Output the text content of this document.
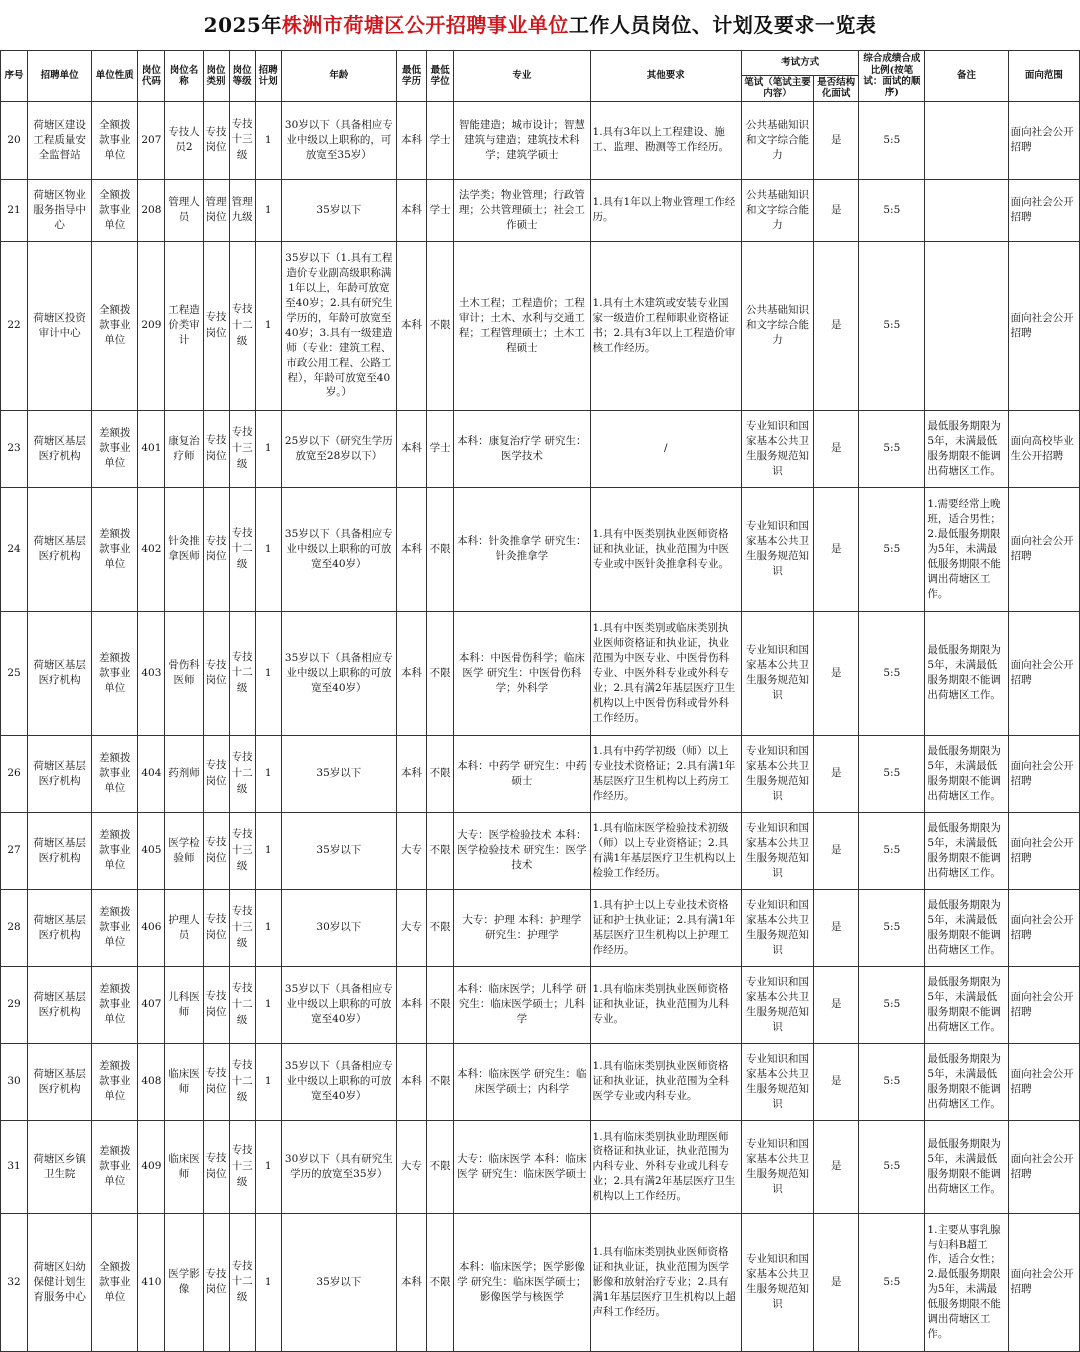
2025年株洲市荷塘区公开招聘事业单位工作人员岗位、计划及要求一览表
序号	招聘单位	单位性质	岗位代码	岗位名称	岗位类别	岗位等级	招聘计划	年龄	最低学历	最低学位	专业	其他要求	考试方式		综合成绩合成比例(按笔试：面试的顺序)	备注	面向范围
													笔试（笔试主要内容）	是否结构化面试			
20	荷塘区建设工程质量安全监督站	全额拨款事业单位	207	专技人员2	专技岗位	专技十三级	1	30岁以下（具备相应专业中级以上职称的，可放宽至35岁）	本科	学士	智能建造；城市设计；智慧建筑与建造；建筑技术科学；建筑学硕士	1.具有3年以上工程建设、施工、监理、勘测等工作经历。	公共基础知识和文字综合能力	是	5:5		面向社会公开招聘
21	荷塘区物业服务指导中心	全额拨款事业单位	208	管理人员	管理岗位	管理九级	1	35岁以下	本科	学士	法学类；物业管理；行政管理；公共管理硕士；社会工作硕士	1.具有1年以上物业管理工作经历。	公共基础知识和文字综合能力	是	5:5		面向社会公开招聘
22	荷塘区投资审计中心	全额拨款事业单位	209	工程造价类审计	专技岗位	专技十二级	1	35岁以下（1.具有工程造价专业副高级职称满1年以上，年龄可放宽至40岁；2.具有研究生学历的，年龄可放宽至40岁；3.具有一级建造师（专业：建筑工程、市政公用工程、公路工程），年龄可放宽至40岁。）	本科	不限	土木工程；工程造价；工程审计；土木、水利与交通工程；工程管理硕士；土木工程硕士	1.具有土木建筑或安装专业国家一级造价工程师职业资格证书；2.具有3年以上工程造价审核工作经历。	公共基础知识和文字综合能力	是	5:5		面向社会公开招聘
23	荷塘区基层医疗机构	差额拨款事业单位	401	康复治疗师	专技岗位	专技十三级	1	25岁以下（研究生学历放宽至28岁以下）	本科	学士	本科：康复治疗学 研究生：医学技术	/	专业知识和国家基本公共卫生服务规范知识	是	5:5	最低服务期限为5年，未满最低服务期限不能调出荷塘区工作。	面向高校毕业生公开招聘
24	荷塘区基层医疗机构	差额拨款事业单位	402	针灸推拿医师	专技岗位	专技十二级	1	35岁以下（具备相应专业中级以上职称的可放宽至40岁）	本科	不限	本科：针灸推拿学 研究生：针灸推拿学	1.具有中医类别执业医师资格证和执业证，执业范围为中医专业或中医针灸推拿科专业。	专业知识和国家基本公共卫生服务规范知识	是	5:5	1.需要经常上晚班，适合男性；2.最低服务期限为5年，未满最低服务期限不能调出荷塘区工作。	面向社会公开招聘
25	荷塘区基层医疗机构	差额拨款事业单位	403	骨伤科医师	专技岗位	专技十二级	1	35岁以下（具备相应专业中级以上职称的可放宽至40岁）	本科	不限	本科：中医骨伤科学；临床医学 研究生：中医骨伤科学；外科学	1.具有中医类别或临床类别执业医师资格证和执业证，执业范围为中医专业、中医骨伤科专业、中医外科专业或外科专业；2.具有满2年基层医疗卫生机构以上中医骨伤科或骨外科工作经历。	专业知识和国家基本公共卫生服务规范知识	是	5:5	最低服务期限为5年，未满最低服务期限不能调出荷塘区工作。	面向社会公开招聘
26	荷塘区基层医疗机构	差额拨款事业单位	404	药剂师	专技岗位	专技十二级	1	35岁以下	本科	不限	本科：中药学 研究生：中药硕士	1.具有中药学初级（师）以上专业技术资格证；2.具有满1年基层医疗卫生机构以上药房工作经历。	专业知识和国家基本公共卫生服务规范知识	是	5:5	最低服务期限为5年，未满最低服务期限不能调出荷塘区工作。	面向社会公开招聘
27	荷塘区基层医疗机构	差额拨款事业单位	405	医学检验师	专技岗位	专技十三级	1	35岁以下	大专	不限	大专：医学检验技术 本科：医学检验技术 研究生：医学技术	1.具有临床医学检验技术初级（师）以上专业资格证；2.具有满1年基层医疗卫生机构以上检验工作经历。	专业知识和国家基本公共卫生服务规范知识	是	5:5	最低服务期限为5年，未满最低服务期限不能调出荷塘区工作。	面向社会公开招聘
28	荷塘区基层医疗机构	差额拨款事业单位	406	护理人员	专技岗位	专技十三级	1	30岁以下	大专	不限	大专：护理 本科：护理学 研究生：护理学	1.具有护士以上专业技术资格证和护士执业证；2.具有满1年基层医疗卫生机构以上护理工作经历。	专业知识和国家基本公共卫生服务规范知识	是	5:5	最低服务期限为5年，未满最低服务期限不能调出荷塘区工作。	面向社会公开招聘
29	荷塘区基层医疗机构	差额拨款事业单位	407	儿科医师	专技岗位	专技十二级	1	35岁以下（具备相应专业中级以上职称的可放宽至40岁）	本科	不限	本科：临床医学；儿科学 研究生：临床医学硕士；儿科学	1.具有临床类别执业医师资格证和执业证，执业范围为儿科专业。	专业知识和国家基本公共卫生服务规范知识	是	5:5	最低服务期限为5年，未满最低服务期限不能调出荷塘区工作。	面向社会公开招聘
30	荷塘区基层医疗机构	差额拨款事业单位	408	临床医师	专技岗位	专技十二级	1	35岁以下（具备相应专业中级以上职称的可放宽至40岁）	本科	不限	本科：临床医学 研究生：临床医学硕士；内科学	1.具有临床类别执业医师资格证和执业证，执业范围为全科医学专业或内科专业。	专业知识和国家基本公共卫生服务规范知识	是	5:5	最低服务期限为5年，未满最低服务期限不能调出荷塘区工作。	面向社会公开招聘
31	荷塘区乡镇卫生院	差额拨款事业单位	409	临床医师	专技岗位	专技十三级	1	30岁以下（具有研究生学历的放宽至35岁）	大专	不限	大专：临床医学 本科：临床医学 研究生：临床医学硕士	1.具有临床类别执业助理医师资格证和执业证，执业范围为内科专业、外科专业或儿科专业；2.具有满2年基层医疗卫生机构以上工作经历。	专业知识和国家基本公共卫生服务规范知识	是	5:5	最低服务期限为5年，未满最低服务期限不能调出荷塘区工作。	面向社会公开招聘
32	荷塘区妇幼保健计划生育服务中心	全额拨款事业单位	410	医学影像	专技岗位	专技十二级	1	35岁以下	本科	不限	本科：临床医学；医学影像学 研究生：临床医学硕士；影像医学与核医学	1.具有临床类别执业医师资格证和执业证，执业范围为医学影像和放射治疗专业；2.具有满1年基层医疗卫生机构以上超声科工作经历。	专业知识和国家基本公共卫生服务规范知识	是	5:5	1.主要从事乳腺与妇科B超工作，适合女性；2.最低服务期限为5年，未满最低服务期限不能调出荷塘区工作。	面向社会公开招聘
